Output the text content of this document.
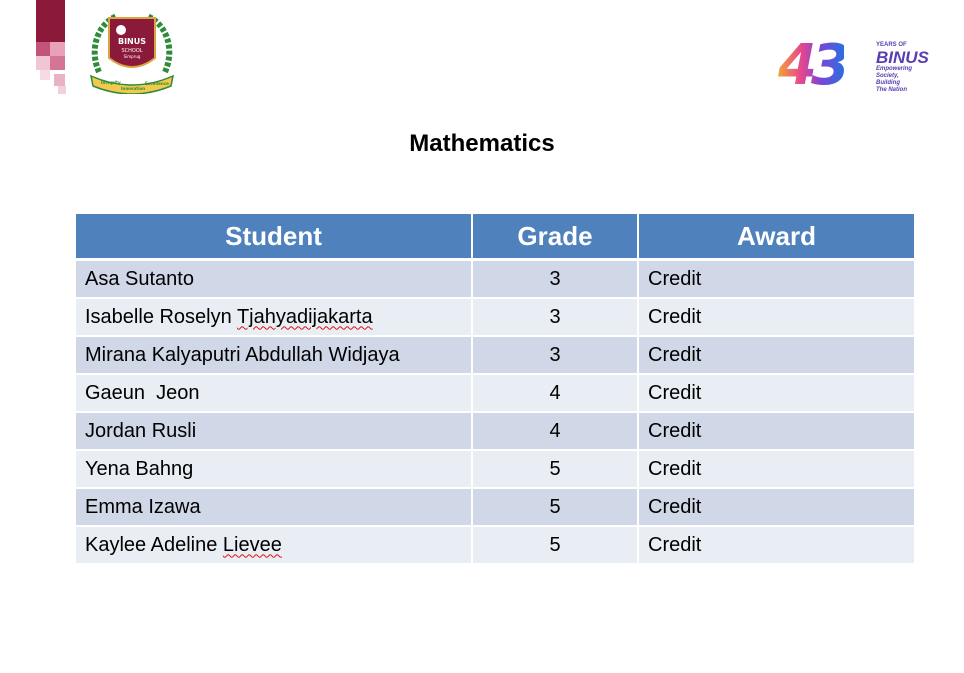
BINUS
SCHOOL
Simprug
Integrity
Innovation
Excellence	43	YEARS OF
BINUS
Empowering
Society,
Building
The Nation
Mathematics
Student	Grade	Award
Asa Sutanto	3	Credit
Isabelle Roselyn Tjahyadijakarta	3	Credit
Mirana Kalyaputri Abdullah Widjaya	3	Credit
Gaeun  Jeon	4	Credit
Jordan Rusli	4	Credit
Yena Bahng	5	Credit
Emma Izawa	5	Credit
Kaylee Adeline Lievee	5	Credit
